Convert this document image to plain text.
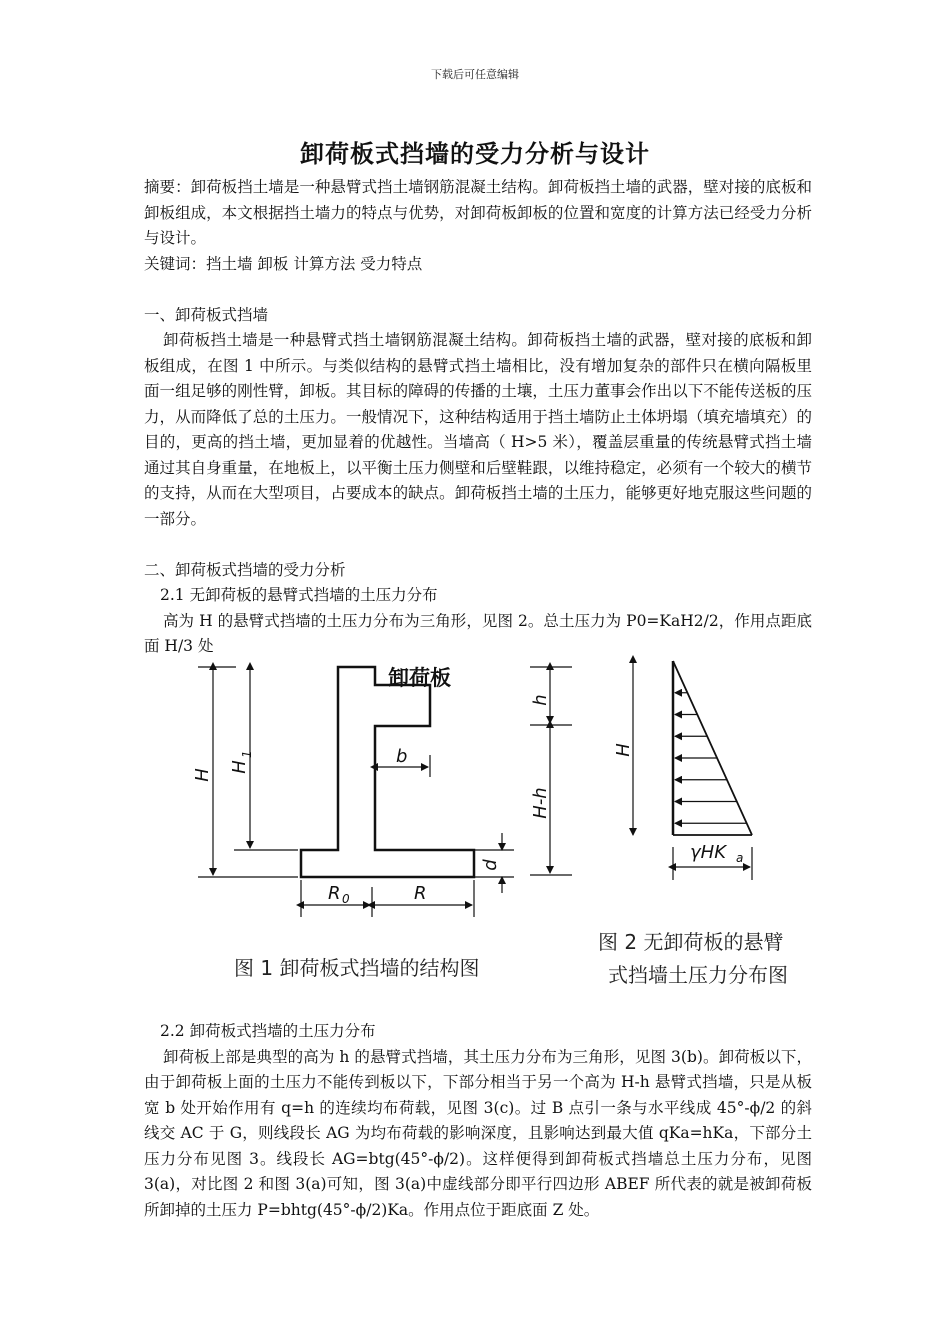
下载后可任意编辑
卸荷板式挡墙的受力分析与设计

摘要：卸荷板挡土墙是一种悬臂式挡土墙钢筋混凝土结构。卸荷板挡土墙的武器，壁对接的底板和卸板组成，本文根据挡土墙力的特点与优势，对卸荷板卸板的位置和宽度的计算方法已经受力分析与设计。

关键词：挡土墙 卸板 计算方法 受力特点

一、卸荷板式挡墙

卸荷板挡土墙是一种悬臂式挡土墙钢筋混凝土结构。卸荷板挡土墙的武器，壁对接的底板和卸板组成，在图 1 中所示。与类似结构的悬臂式挡土墙相比，没有增加复杂的部件只在横向隔板里面一组足够的刚性臂，卸板。其目标的障碍的传播的土壤，土压力董事会作出以下不能传送板的压力，从而降低了总的土压力。一般情况下，这种结构适用于挡土墙防止土体坍塌（填充墙填充）的目的，更高的挡土墙，更加显着的优越性。当墙高（ H>5 米），覆盖层重量的传统悬臂式挡土墙通过其自身重量，在地板上，以平衡土压力侧壁和后壁鞋跟，以维持稳定，必须有一个较大的横节的支持，从而在大型项目，占要成本的缺点。卸荷板挡土墙的土压力，能够更好地克服这些问题的一部分。

二、卸荷板式挡墙的受力分析

2.1 无卸荷板的悬臂式挡墙的土压力分布

高为 H 的悬臂式挡墙的土压力分布为三角形，见图 2。总土压力为 P0=KaH2/2，作用点距底面 H/3 处

卸荷板
H
H
1	b
d
R 0	R
图 1 卸荷板式挡墙的结构图
h
H-h
H
γHK a
图 2 无卸荷板的悬臂
式挡墙土压力分布图

2.2 卸荷板式挡墙的土压力分布

卸荷板上部是典型的高为 h 的悬臂式挡墙，其土压力分布为三角形，见图 3(b)。卸荷板以下，由于卸荷板上面的土压力不能传到板以下，下部分相当于另一个高为 H-h 悬臂式挡墙，只是从板宽 b 处开始作用有 q=h 的连续均布荷载，见图 3(c)。过 B 点引一条与水平线成 45°-ϕ/2 的斜线交 AC 于 G，则线段长 AG 为均布荷载的影响深度，且影响达到最大值 qKa=hKa，下部分土压力分布见图 3。线段长 AG=btg(45°-ϕ/2)。这样便得到卸荷板式挡墙总土压力分布，见图 3(a)，对比图 2 和图 3(a)可知，图 3(a)中虚线部分即平行四边形 ABEF 所代表的就是被卸荷板所卸掉的土压力 P=bhtg(45°-ϕ/2)Ka。作用点位于距底面 Z 处。
